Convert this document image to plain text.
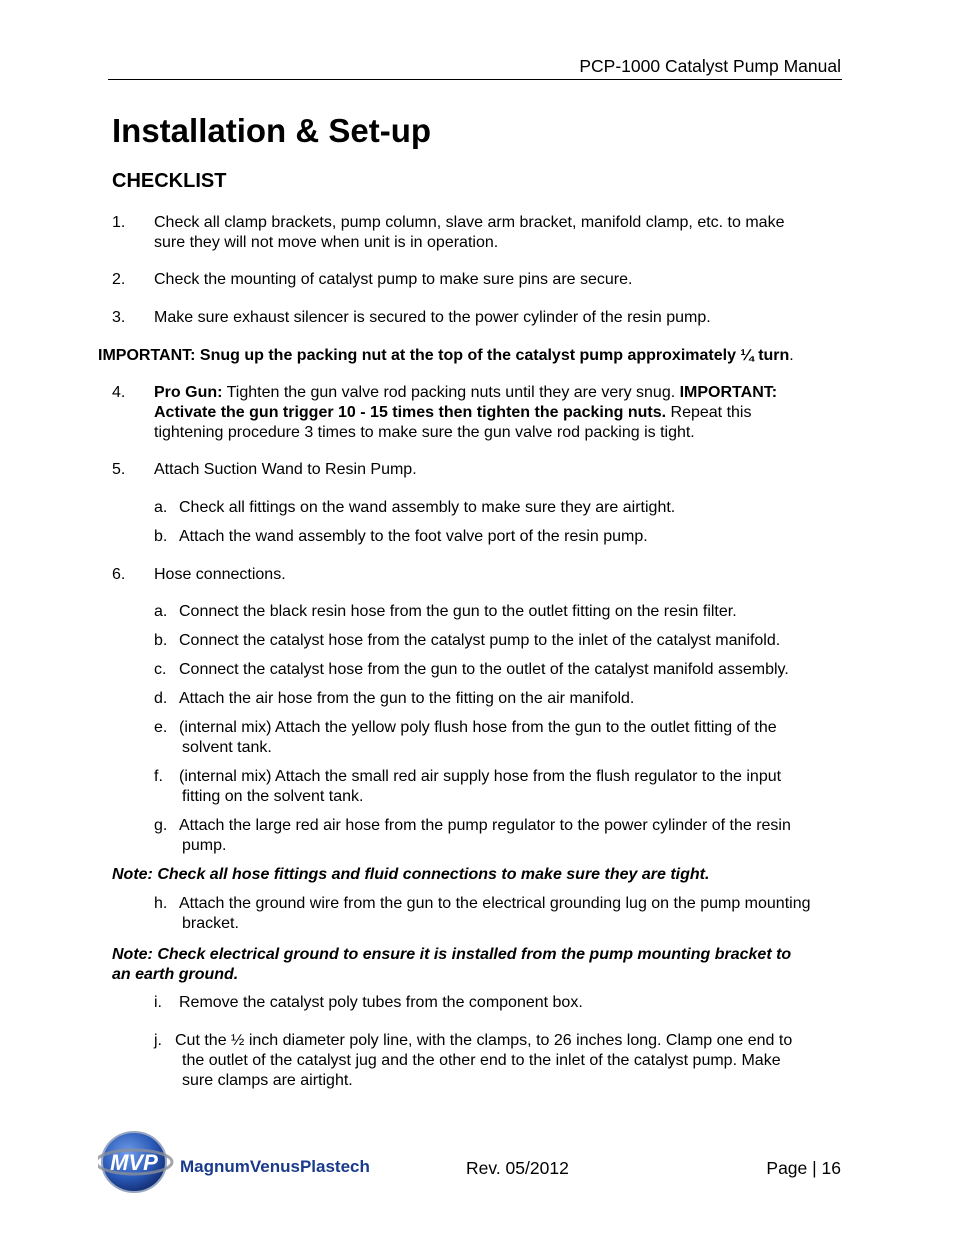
PCP-1000 Catalyst Pump Manual
Installation & Set-up
CHECKLIST
1. Check all clamp brackets, pump column, slave arm bracket, manifold clamp, etc. to make
sure they will not move when unit is in operation.
2. Check the mounting of catalyst pump to make sure pins are secure.
3. Make sure exhaust silencer is secured to the power cylinder of the resin pump.
IMPORTANT: Snug up the packing nut at the top of the catalyst pump approximately ¼ turn.
4. Pro Gun: Tighten the gun valve rod packing nuts until they are very snug. IMPORTANT:
Activate the gun trigger 10 - 15 times then tighten the packing nuts. Repeat this
tightening procedure 3 times to make sure the gun valve rod packing is tight.
5. Attach Suction Wand to Resin Pump.
a. Check all fittings on the wand assembly to make sure they are airtight.
b. Attach the wand assembly to the foot valve port of the resin pump.
6. Hose connections.
a. Connect the black resin hose from the gun to the outlet fitting on the resin filter.
b. Connect the catalyst hose from the catalyst pump to the inlet of the catalyst manifold.
c. Connect the catalyst hose from the gun to the outlet of the catalyst manifold assembly.
d. Attach the air hose from the gun to the fitting on the air manifold.
e. (internal mix) Attach the yellow poly flush hose from the gun to the outlet fitting of the
solvent tank.
f. (internal mix) Attach the small red air supply hose from the flush regulator to the input
fitting on the solvent tank.
g. Attach the large red air hose from the pump regulator to the power cylinder of the resin
pump.
Note: Check all hose fittings and fluid connections to make sure they are tight.
h. Attach the ground wire from the gun to the electrical grounding lug on the pump mounting
bracket.
Note: Check electrical ground to ensure it is installed from the pump mounting bracket to
an earth ground.
i. Remove the catalyst poly tubes from the component box.
j. Cut the ½ inch diameter poly line, with the clamps, to 26 inches long. Clamp one end to
the outlet of the catalyst jug and the other end to the inlet of the catalyst pump. Make
sure clamps are airtight.
MVP MagnumVenusPlastech	Rev. 05/2012	Page | 16
